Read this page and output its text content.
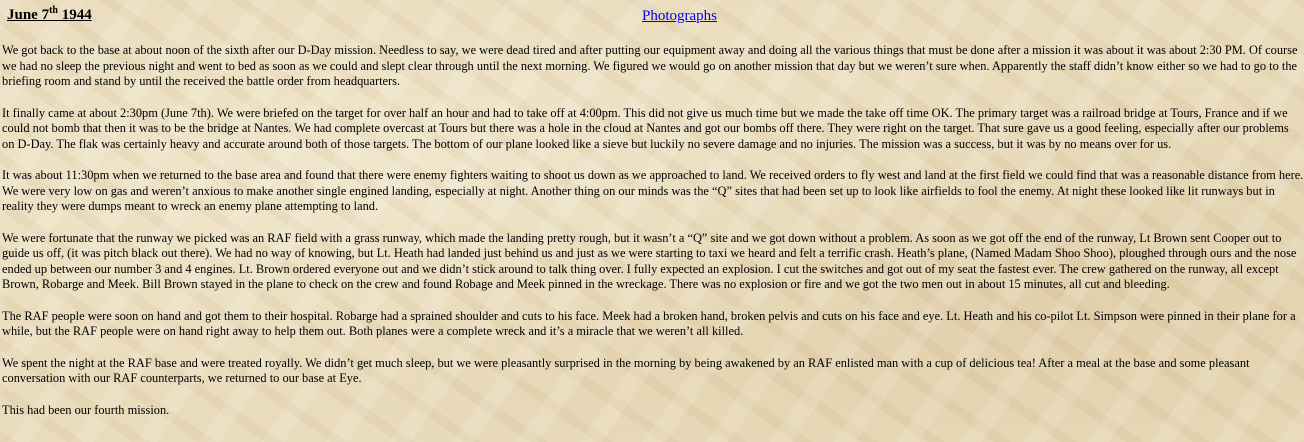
June 7th 1944	Photographs

We got back to the base at about noon of the sixth after our D-Day mission. Needless to say, we were dead tired and after putting our equipment away and doing all the various things that must be done after a mission it was about it was about 2:30 PM. Of course we had no sleep the previous night and went to bed as soon as we could and slept clear through until the next morning. We figured we would go on another mission that day but we weren’t sure when. Apparently the staff didn’t know either so we had to go to the briefing room and stand by until the received the battle order from headquarters.

It finally came at about 2:30pm (June 7th). We were briefed on the target for over half an hour and had to take off at 4:00pm. This did not give us much time but we made the take off time OK. The primary target was a railroad bridge at Tours, France and if we could not bomb that then it was to be the bridge at Nantes. We had complete overcast at Tours but there was a hole in the cloud at Nantes and got our bombs off there. They were right on the target. That sure gave us a good feeling, especially after our problems on D-Day. The flak was certainly heavy and accurate around both of those targets. The bottom of our plane looked like a sieve but luckily no severe damage and no injuries. The mission was a success, but it was by no means over for us.

It was about 11:30pm when we returned to the base area and found that there were enemy fighters waiting to shoot us down as we approached to land. We received orders to fly west and land at the first field we could find that was a reasonable distance from here. We were very low on gas and weren’t anxious to make another single engined landing, especially at night. Another thing on our minds was the “Q” sites that had been set up to look like airfields to fool the enemy. At night these looked like lit runways but in reality they were dumps meant to wreck an enemy plane attempting to land.

We were fortunate that the runway we picked was an RAF field with a grass runway, which made the landing pretty rough, but it wasn’t a “Q” site and we got down without a problem. As soon as we got off the end of the runway, Lt Brown sent Cooper out to guide us off, (it was pitch black out there). We had no way of knowing, but Lt. Heath had landed just behind us and just as we were starting to taxi we heard and felt a terrific crash. Heath’s plane, (Named Madam Shoo Shoo), ploughed through ours and the nose ended up between our number 3 and 4 engines. Lt. Brown ordered everyone out and we didn’t stick around to talk thing over. I fully expected an explosion. I cut the switches and got out of my seat the fastest ever. The crew gathered on the runway, all except Brown, Robarge and Meek. Bill Brown stayed in the plane to check on the crew and found Robage and Meek pinned in the wreckage. There was no explosion or fire and we got the two men out in about 15 minutes, all cut and bleeding.

The RAF people were soon on hand and got them to their hospital. Robarge had a sprained shoulder and cuts to his face. Meek had a broken hand, broken pelvis and cuts on his face and eye. Lt. Heath and his co-pilot Lt. Simpson were pinned in their plane for a while, but the RAF people were on hand right away to help them out. Both planes were a complete wreck and it’s a miracle that we weren’t all killed.

We spent the night at the RAF base and were treated royally. We didn’t get much sleep, but we were pleasantly surprised in the morning by being awakened by an RAF enlisted man with a cup of delicious tea! After a meal at the base and some pleasant conversation with our RAF counterparts, we returned to our base at Eye.

This had been our fourth mission.
